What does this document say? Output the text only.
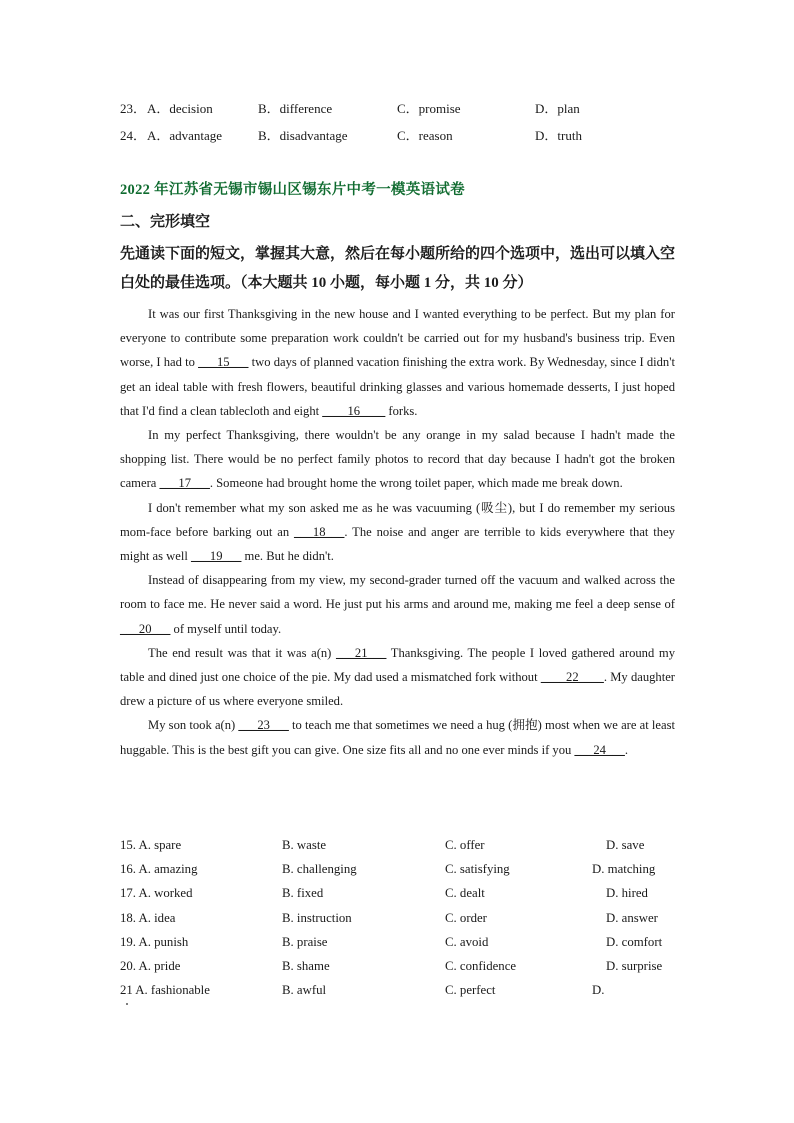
23． A．decision	B．difference	C．promise	D．plan
24． A．advantage	B．disadvantage	C．reason	D．truth
2022 年江苏省无锡市锡山区锡东片中考一模英语试卷
二、完形填空
先通读下面的短文，掌握其大意，然后在每小题所给的四个选项中，选出可以填入空白处的最佳选项。（本大题共 10 小题，每小题 1 分，共 10 分）

It was our first Thanksgiving in the new house and I wanted everything to be perfect. But my plan for everyone to contribute some preparation work couldn't be carried out for my husband's business trip. Even worse, I had to ___15___ two days of planned vacation finishing the extra work. By Wednesday, since I didn't get an ideal table with fresh flowers, beautiful drinking glasses and various homemade desserts, I just hoped that I'd find a clean tablecloth and eight ____16____ forks.

In my perfect Thanksgiving, there wouldn't be any orange in my salad because I hadn't made the shopping list. There would be no perfect family photos to record that day because I hadn't got the broken camera ___17___. Someone had brought home the wrong toilet paper, which made me break down.

I don't remember what my son asked me as he was vacuuming (吸尘), but I do remember my serious mom-face before barking out an ___18___. The noise and anger are terrible to kids everywhere that they might as well ___19___ me. But he didn't.

Instead of disappearing from my view, my second-grader turned off the vacuum and walked across the room to face me. He never said a word. He just put his arms and around me, making me feel a deep sense of ___20___ of myself until today.

The end result was that it was a(n) ___21___ Thanksgiving. The people I loved gathered around my table and dined just one choice of the pie. My dad used a mismatched fork without ____22____. My daughter drew a picture of us where everyone smiled.

My son took a(n) ___23___ to teach me that sometimes we need a hug (拥抱) most when we are at least huggable. This is the best gift you can give. One size fits all and no one ever minds if you ___24___.

15. A. spare	B. waste	C. offer	D. save
16. A. amazing	B. challenging	C. satisfying	D. matching
17. A. worked	B. fixed	C. dealt	D. hired
18. A. idea	B. instruction	C. order	D. answer
19. A. punish	B. praise	C. avoid	D. comfort
20. A. pride	B. shame	C. confidence	D. surprise
21 A. fashionable	B. awful	C. perfect	D.
